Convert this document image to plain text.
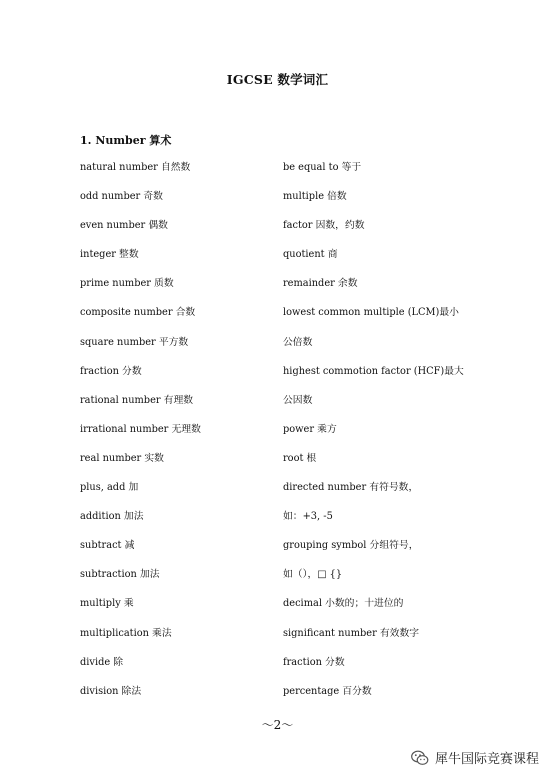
IGCSE 数学词汇
1. Number 算术
natural number 自然数
odd number 奇数
even number 偶数
integer 整数
prime number 质数
composite number 合数
square number 平方数
fraction 分数
rational number 有理数
irrational number 无理数
real number 实数
plus, add 加
addition 加法
subtract 减
subtraction 加法
multiply 乘
multiplication 乘法
divide 除
division 除法
be equal to 等于
multiple 倍数
factor 因数，约数
quotient 商
remainder 余数
lowest common multiple (LCM)最小
公倍数
highest commotion factor (HCF)最大
公因数
power 乘方
root 根
directed number 有符号数，
如：+3, -5
grouping symbol 分组符号，
如（），□ {}
decimal 小数的；十进位的
significant number 有效数字
fraction 分数
percentage 百分数
～2～
犀牛国际竞赛课程
